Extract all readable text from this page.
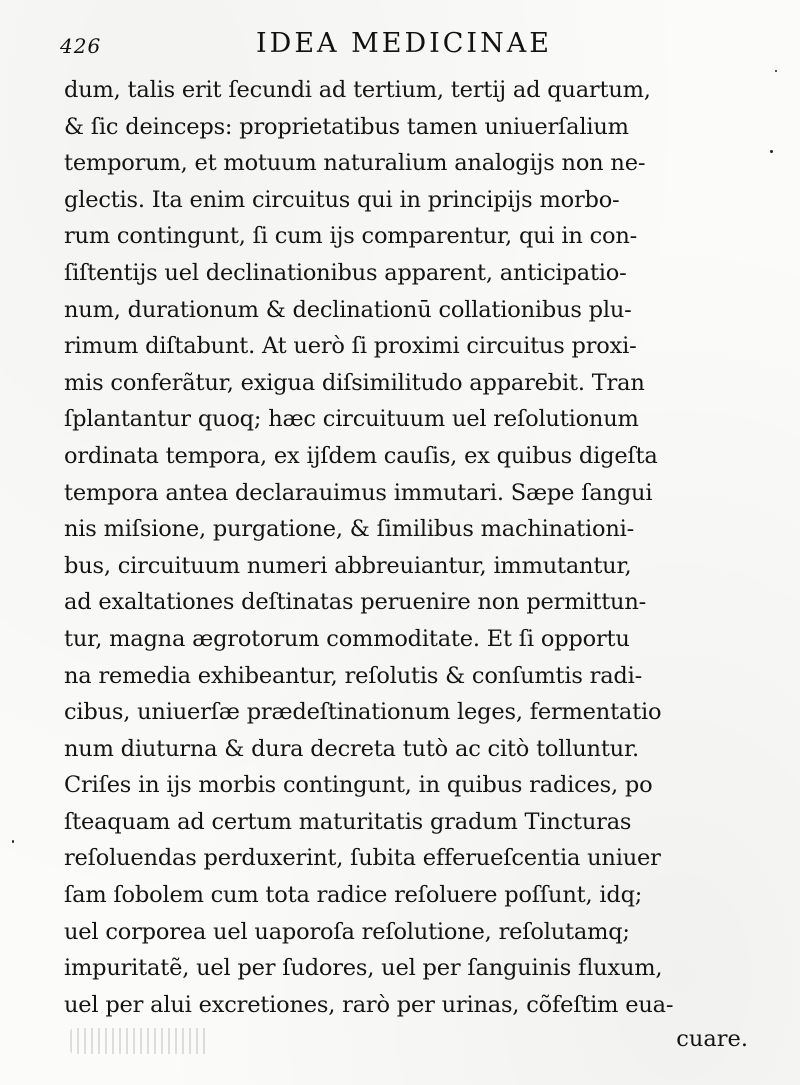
426	IDEA MEDICINAE
dum, talis erit ſecundi ad tertium, tertij ad quartum,
& ſic deinceps: proprietatibus tamen uniuerſalium
temporum, et motuum naturalium analogijs non ne-
glectis. Ita enim circuitus qui in principijs morbo-
rum contingunt, ſi cum ijs comparentur, qui in con-
ſiſtentijs uel declinationibus apparent, anticipatio-
num, durationum & declinationū collationibus plu-
rimum diſtabunt. At uerò ſi proximi circuitus proxi-
mis conferãtur, exigua diſsimilitudo apparebit. Tran
ſplantantur quoq; hæc circuituum uel reſolutionum
ordinata tempora, ex ijſdem cauſis, ex quibus digeſta
tempora antea declarauimus immutari. Sæpe ſangui
nis miſsione, purgatione, & ſimilibus machinationi-
bus, circuituum numeri abbreuiantur, immutantur,
ad exaltationes deſtinatas peruenire non permittun-
tur, magna ægrotorum commoditate. Et ſi opportu
na remedia exhibeantur, reſolutis & conſumtis radi-
cibus, uniuerſæ prædeſtinationum leges, fermentatio
num diuturna & dura decreta tutò ac citò tolluntur.
Criſes in ijs morbis contingunt, in quibus radices, po
ſteaquam ad certum maturitatis gradum Tincturas
reſoluendas perduxerint, ſubita efferueſcentia uniuer
ſam ſobolem cum tota radice reſoluere poſſunt, idq;
uel corporea uel uaporoſa reſolutione, reſolutamq;
impuritatẽ, uel per ſudores, uel per ſanguinis fluxum,
uel per alui excretiones, rarò per urinas, cõfeſtim eua-
cuare.
